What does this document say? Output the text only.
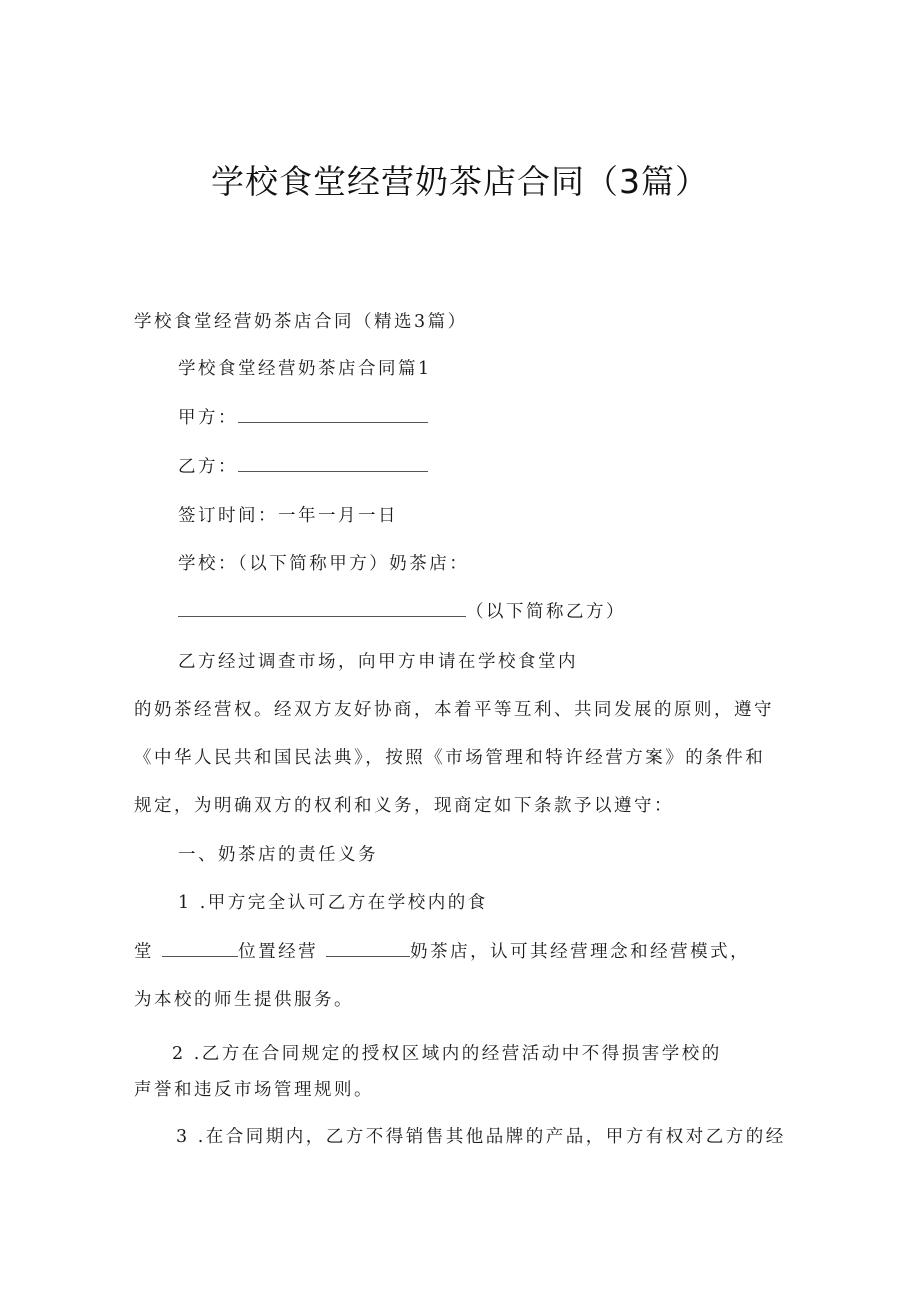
学校食堂经营奶茶店合同（3篇）
学校食堂经营奶茶店合同（精选3篇）
学校食堂经营奶茶店合同篇1
甲方：
乙方：
签订时间：一年一月一日
学校：（以下简称甲方）奶茶店：
（以下简称乙方）
乙方经过调查市场，向甲方申请在学校食堂内
的奶茶经营权。经双方友好协商，本着平等互利、共同发展的原则，遵守
《中华人民共和国民法典》，按照《市场管理和特许经营方案》的条件和
规定，为明确双方的权利和义务，现商定如下条款予以遵守：
一、奶茶店的责任义务
1 .甲方完全认可乙方在学校内的食
堂	位置经营	奶茶店，认可其经营理念和经营模式，
为本校的师生提供服务。
2 .乙方在合同规定的授权区域内的经营活动中不得损害学校的
声誉和违反市场管理规则。
3 .在合同期内，乙方不得销售其他品牌的产品，甲方有权对乙方的经
